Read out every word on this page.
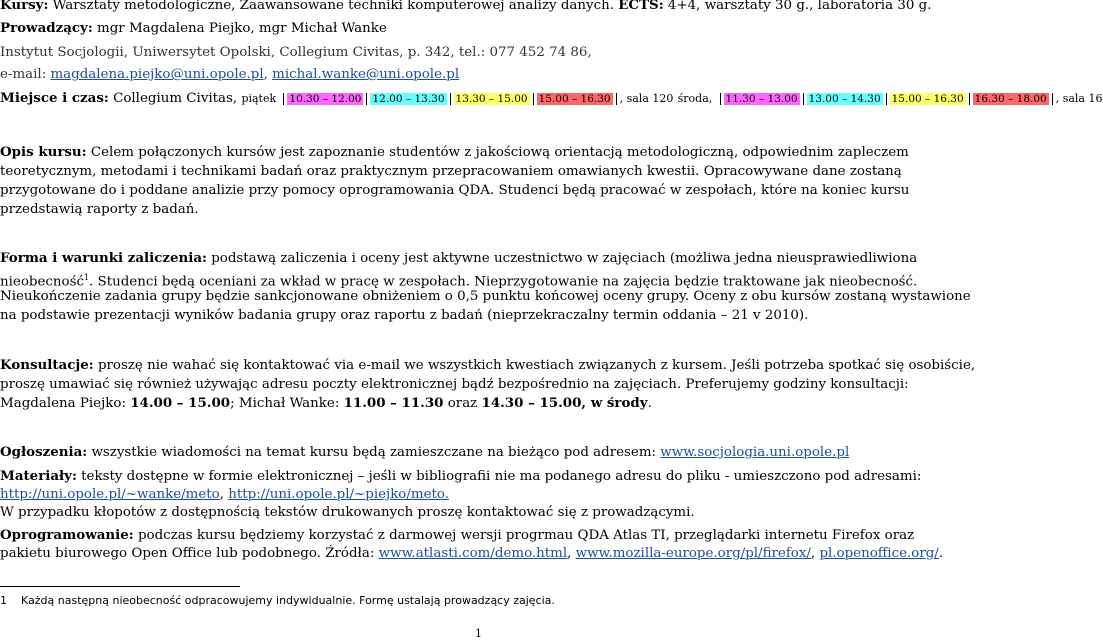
Kursy: Warsztaty metodologiczne, Zaawansowane techniki komputerowej analizy danych. ECTS: 4+4, warsztaty 30 g., laboratoria 30 g.
Prowadzący: mgr Magdalena Piejko, mgr Michał Wanke
Instytut Socjologii, Uniwersytet Opolski, Collegium Civitas, p. 342, tel.: 077 452 74 86,
e-mail: magdalena.piejko@uni.opole.pl, michal.wanke@uni.opole.pl
Miejsce i czas: Collegium Civitas, piątek 10.30 – 12.00 12.00 – 13.30 13.30 – 15.00 15.00 – 16.30 , sala 120 środa, 11.30 – 13.00 13.00 – 14.30 15.00 – 16.30 16.30 – 18.00 , sala 16
Opis kursu: Celem połączonych kursów jest zapoznanie studentów z jakościową orientacją metodologiczną, odpowiednim zapleczem
teoretycznym, metodami i technikami badań oraz praktycznym przepracowaniem omawianych kwestii. Opracowywane dane zostaną
przygotowane do i poddane analizie przy pomocy oprogramowania QDA. Studenci będą pracować w zespołach, które na koniec kursu
przedstawią raporty z badań.
Forma i warunki zaliczenia: podstawą zaliczenia i oceny jest aktywne uczestnictwo w zajęciach (możliwa jedna nieusprawiedliwiona
nieobecność$^1$. Studenci będą oceniani za wkład w pracę w zespołach. Nieprzygotowanie na zajęcia będzie traktowane jak nieobecność.
Nieukończenie zadania grupy będzie sankcjonowane obniżeniem o 0,5 punktu końcowej oceny grupy. Oceny z obu kursów zostaną wystawione
na podstawie prezentacji wyników badania grupy oraz raportu z badań (nieprzekraczalny termin oddania – 21 v 2010).
Konsultacje: proszę nie wahać się kontaktować via e-mail we wszystkich kwestiach związanych z kursem. Jeśli potrzeba spotkać się osobiście,
proszę umawiać się również używając adresu poczty elektronicznej bądź bezpośrednio na zajęciach. Preferujemy godziny konsultacji:
Magdalena Piejko: 14.00 – 15.00; Michał Wanke: 11.00 – 11.30 oraz 14.30 – 15.00, w środy.
Ogłoszenia: wszystkie wiadomości na temat kursu będą zamieszczane na bieżąco pod adresem: www.socjologia.uni.opole.pl
Materiały: teksty dostępne w formie elektronicznej – jeśli w bibliografii nie ma podanego adresu do pliku - umieszczono pod adresami:
http://uni.opole.pl/~wanke/meto, http://uni.opole.pl/~piejko/meto.
W przypadku kłopotów z dostępnością tekstów drukowanych proszę kontaktować się z prowadzącymi.
Oprogramowanie: podczas kursu będziemy korzystać z darmowej wersji progrmau QDA Atlas TI, przeglądarki internetu Firefox oraz
pakietu biurowego Open Office lub podobnego. Źródła: www.atlasti.com/demo.html, www.mozilla-europe.org/pl/firefox/, pl.openoffice.org/.
1 Każdą następną nieobecność odpracowujemy indywidualnie. Formę ustalają prowadzący zajęcia.
1
